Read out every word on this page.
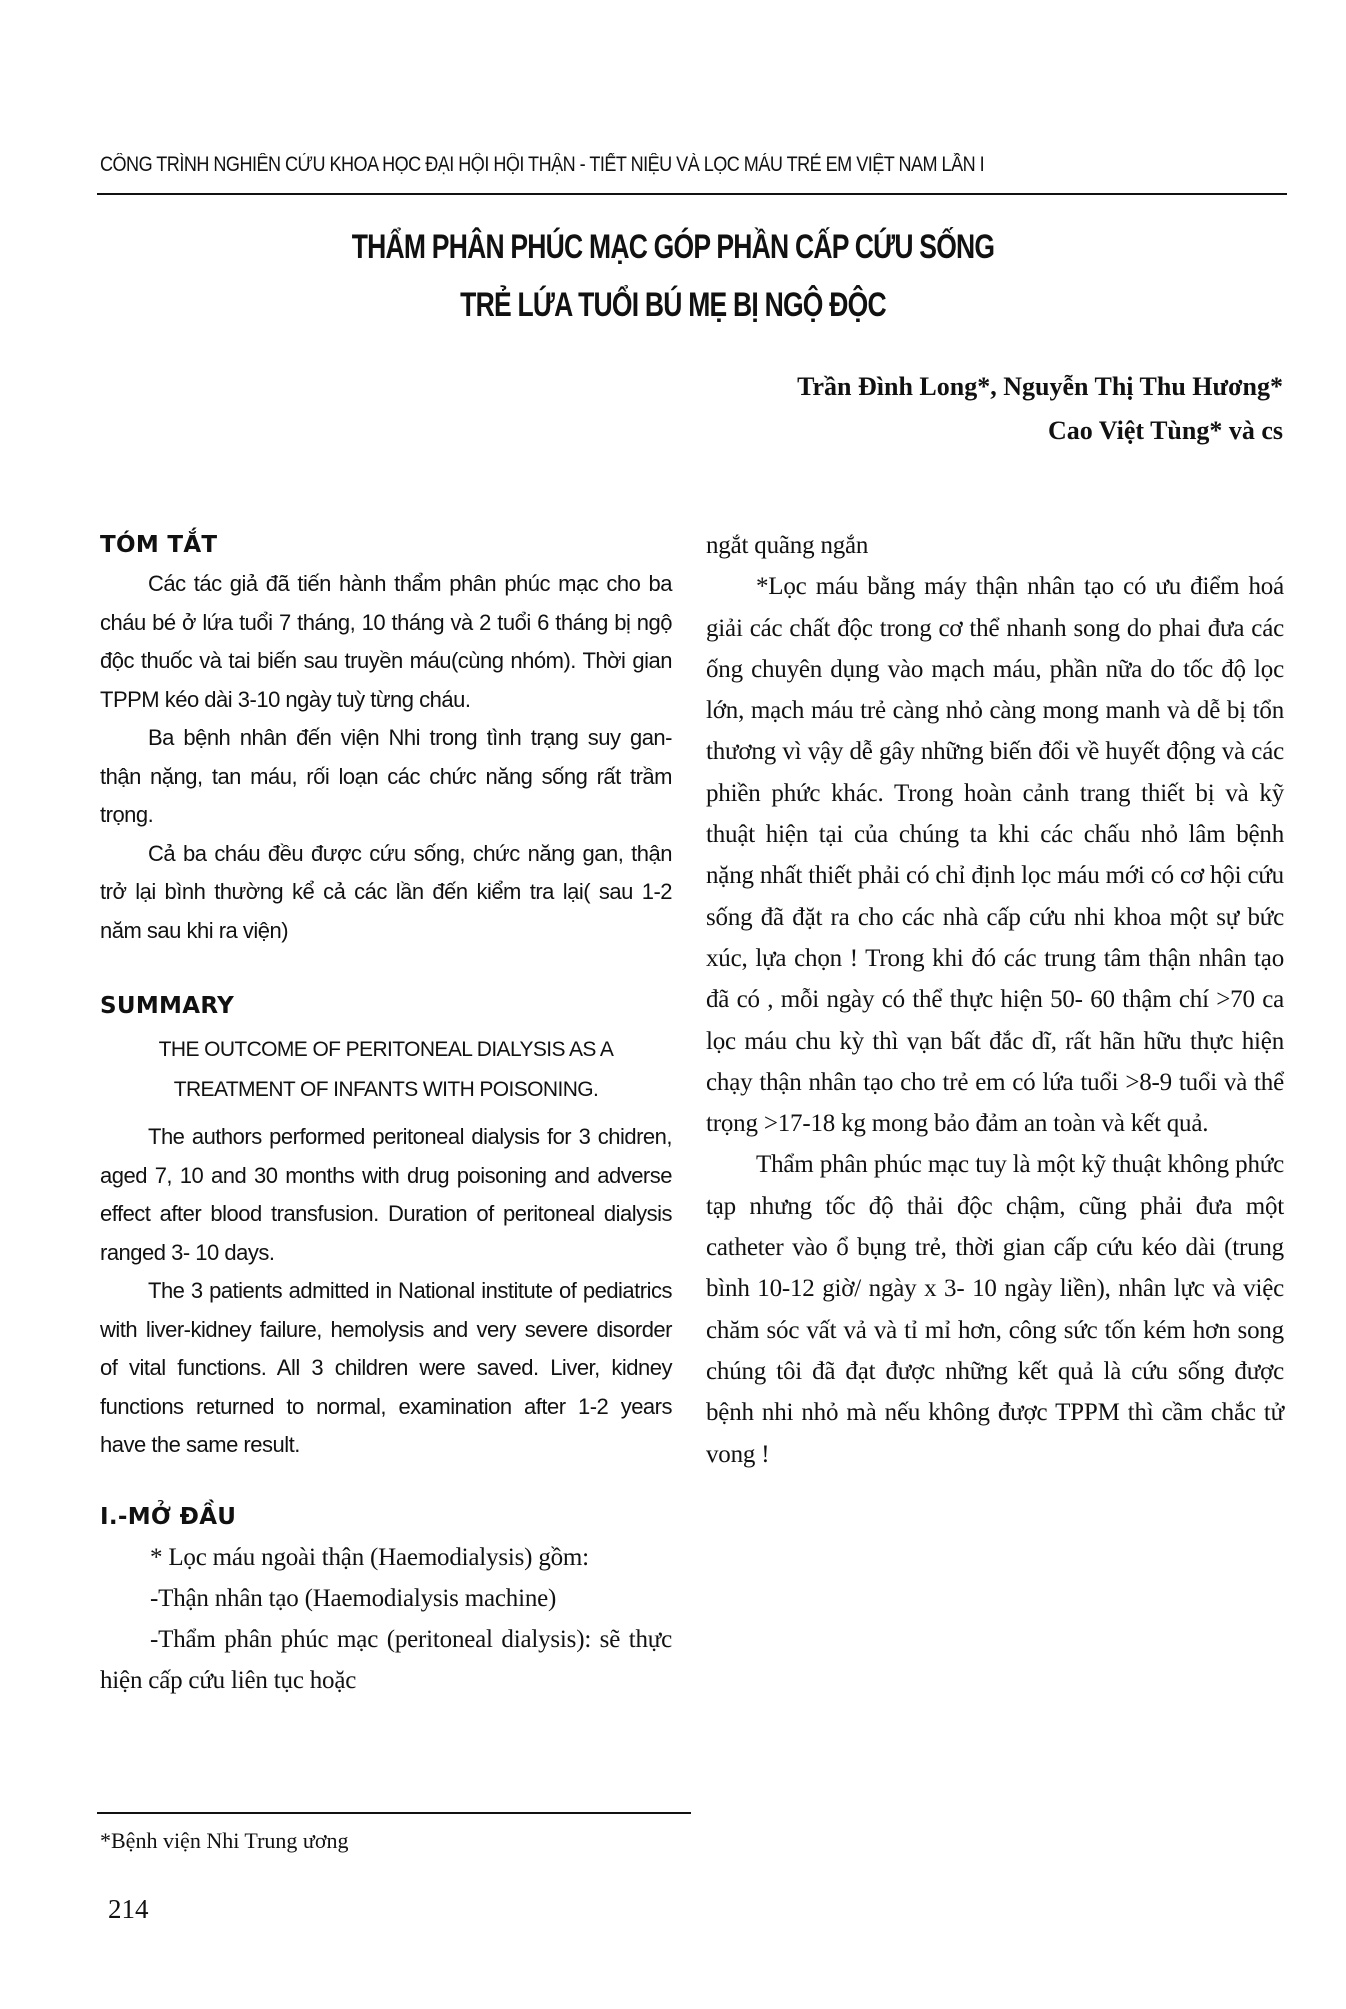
CÔNG TRÌNH NGHIÊN CỨU KHOA HỌC ĐẠI HỘI HỘI THẬN - TIẾT NIỆU VÀ LỌC MÁU TRẺ EM VIỆT NAM LẦN I
THẨM PHÂN PHÚC MẠC GÓP PHẦN CẤP CỨU SỐNG
TRẺ LỨA TUỔI BÚ MẸ BỊ NGỘ ĐỘC
Trần Đình Long*, Nguyễn Thị Thu Hương*
Cao Việt Tùng* và cs
TÓM TẮT

Các tác giả đã tiến hành thẩm phân phúc mạc cho ba cháu bé ở lứa tuổi 7 tháng, 10 tháng và 2 tuổi 6 tháng bị ngộ độc thuốc và tai biến sau truyền máu(cùng nhóm). Thời gian TPPM kéo dài 3-10 ngày tuỳ từng cháu.

Ba bệnh nhân đến viện Nhi trong tình trạng suy gan-thận nặng, tan máu, rối loạn các chức năng sống rất trầm trọng.

Cả ba cháu đều được cứu sống, chức năng gan, thận trở lại bình thường kể cả các lần đến kiểm tra lại( sau 1-2 năm sau khi ra viện)

SUMMARY

THE OUTCOME OF PERITONEAL DIALYSIS AS A

TREATMENT OF INFANTS WITH POISONING.

The authors performed peritoneal dialysis for 3 chidren, aged 7, 10 and 30 months with drug poisoning and adverse effect after blood transfusion. Duration of peritoneal dialysis ranged 3- 10 days.

The 3 patients admitted in National institute of pediatrics with liver-kidney failure, hemolysis and very severe disorder of vital functions. All 3 children were saved. Liver, kidney functions returned to normal, examination after 1-2 years have the same result.

I.-MỞ ĐẦU

* Lọc máu ngoài thận (Haemodialysis) gồm:

-Thận nhân tạo (Haemodialysis machine)

-Thẩm phân phúc mạc (peritoneal dialysis): sẽ thực hiện cấp cứu liên tục hoặc

ngắt quãng ngắn

*Lọc máu bằng máy thận nhân tạo có ưu điểm hoá giải các chất độc trong cơ thể nhanh song do phai đưa các ống chuyên dụng vào mạch máu, phần nữa do tốc độ lọc lớn, mạch máu trẻ càng nhỏ càng mong manh và dễ bị tổn thương vì vậy dễ gây những biến đổi về huyết động và các phiền phức khác. Trong hoàn cảnh trang thiết bị và kỹ thuật hiện tại của chúng ta khi các chấu nhỏ lâm bệnh nặng nhất thiết phải có chỉ định lọc máu mới có cơ hội cứu sống đã đặt ra cho các nhà cấp cứu nhi khoa một sự bức xúc, lựa chọn ! Trong khi đó các trung tâm thận nhân tạo đã có , mỗi ngày có thể thực hiện 50- 60 thậm chí >70 ca lọc máu chu kỳ thì vạn bất đắc dĩ, rất hãn hữu thực hiện chạy thận nhân tạo cho trẻ em có lứa tuổi >8-9 tuổi và thể trọng >17-18 kg mong bảo đảm an toàn và kết quả.

Thẩm phân phúc mạc tuy là một kỹ thuật không phức tạp nhưng tốc độ thải độc chậm, cũng phải đưa một catheter vào ổ bụng trẻ, thời gian cấp cứu kéo dài (trung bình 10-12 giờ/ ngày x 3- 10 ngày liền), nhân lực và việc chăm sóc vất vả và tỉ mỉ hơn, công sức tốn kém hơn song chúng tôi đã đạt được những kết quả là cứu sống được bệnh nhi nhỏ mà nếu không được TPPM thì cầm chắc tử vong !

*Bệnh viện Nhi Trung ương
214
